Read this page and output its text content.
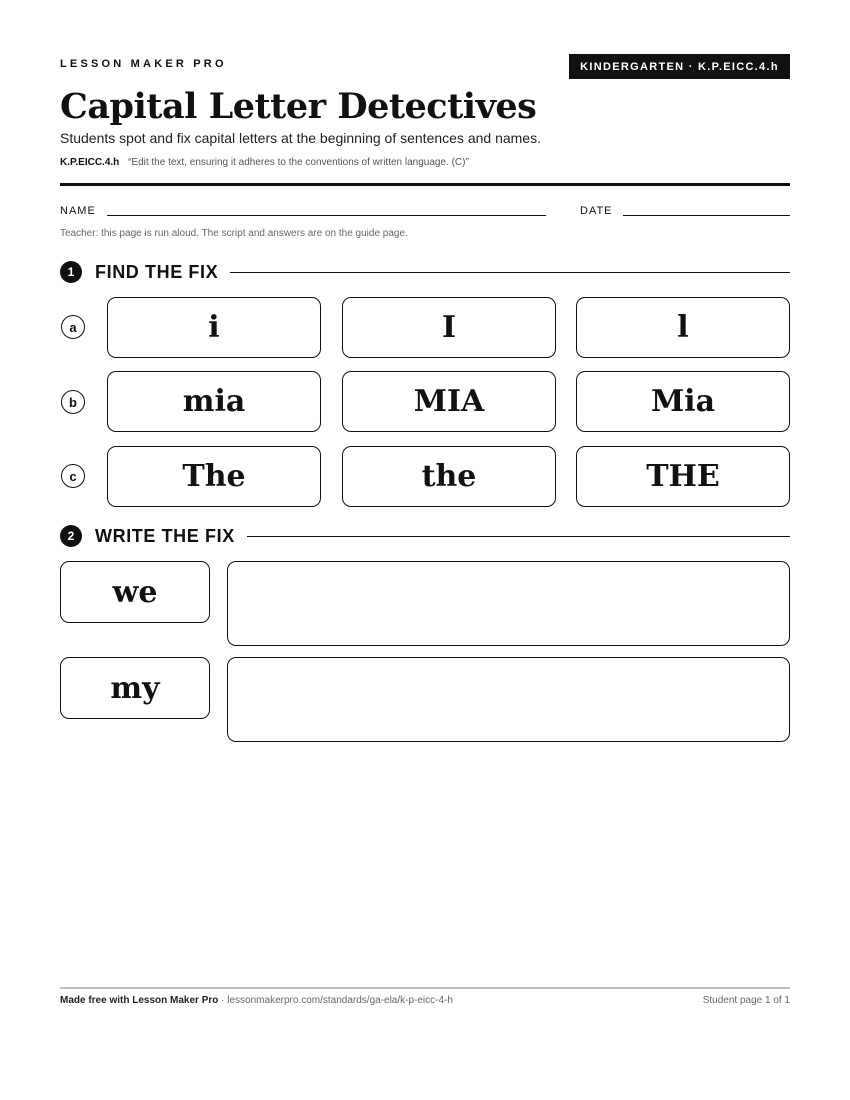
LESSON MAKER PRO	KINDERGARTEN · K.P.EICC.4.h
Capital Letter Detectives
Students spot and fix capital letters at the beginning of sentences and names.
K.P.EICC.4.h “Edit the text, ensuring it adheres to the conventions of written language. (C)”
NAME	DATE
Teacher: this page is run aloud. The script and answers are on the guide page.
1	FIND THE FIX
a	i	I	l
b	mia	MIA	Mia
c	The	the	THE
2	WRITE THE FIX
we
my
Made free with Lesson Maker Pro · lessonmakerpro.com/standards/ga-ela/k-p-eicc-4-h	Student page 1 of 1
